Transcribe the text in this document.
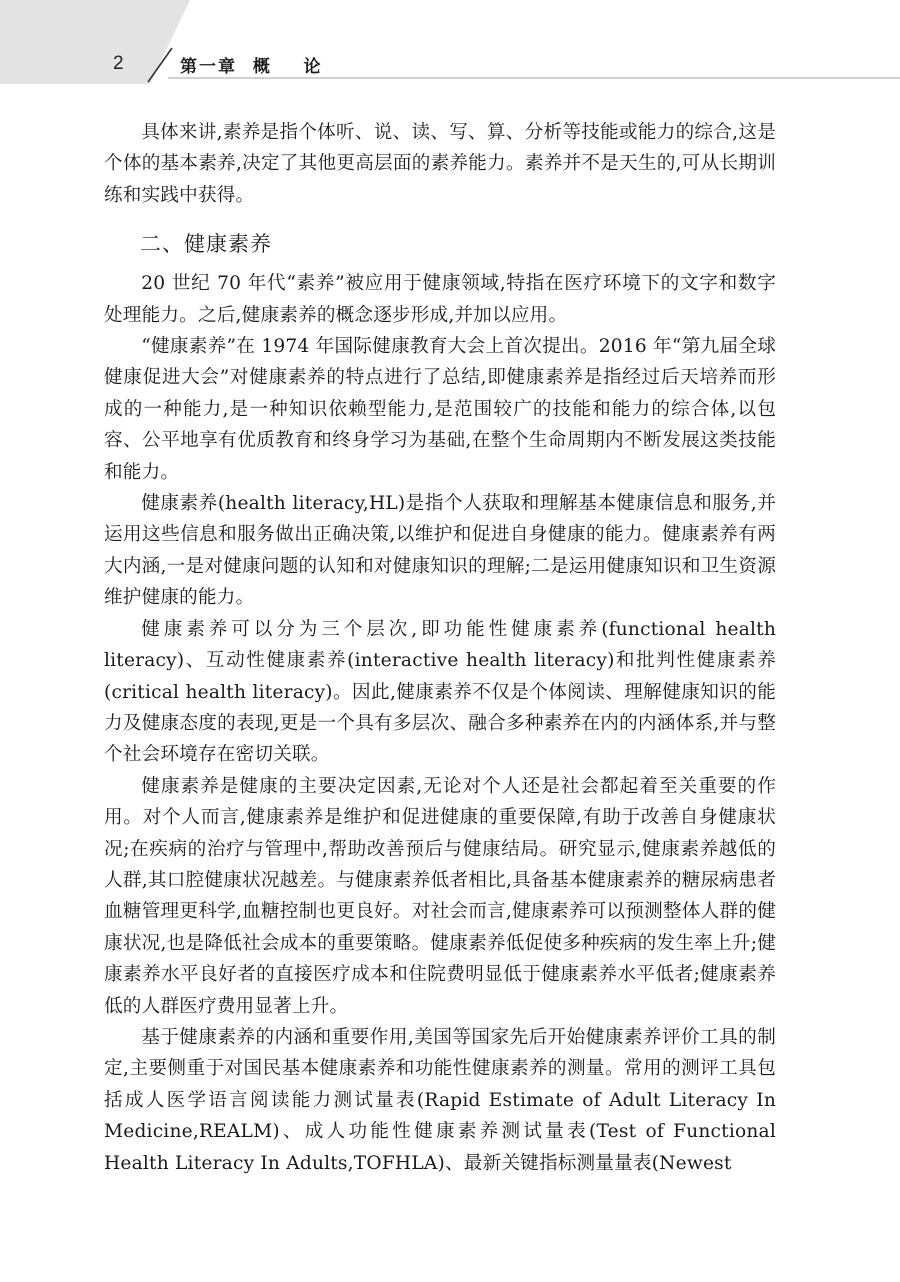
2	第一章  概    论

具体来讲,素养是指个体听、说、读、写、算、分析等技能或能力的综合,这是个体的基本素养,决定了其他更高层面的素养能力。素养并不是天生的,可从长期训练和实践中获得。

二、健康素养

20 世纪 70 年代“素养”被应用于健康领域,特指在医疗环境下的文字和数字处理能力。之后,健康素养的概念逐步形成,并加以应用。

“健康素养”在 1974 年国际健康教育大会上首次提出。2016 年“第九届全球健康促进大会”对健康素养的特点进行了总结,即健康素养是指经过后天培养而形成的一种能力,是一种知识依赖型能力,是范围较广的技能和能力的综合体,以包容、公平地享有优质教育和终身学习为基础,在整个生命周期内不断发展这类技能和能力。

健康素养(health literacy,HL)是指个人获取和理解基本健康信息和服务,并运用这些信息和服务做出正确决策,以维护和促进自身健康的能力。健康素养有两大内涵,一是对健康问题的认知和对健康知识的理解;二是运用健康知识和卫生资源维护健康的能力。

健康素养可以分为三个层次,即功能性健康素养(functional health literacy)、互动性健康素养(interactive health literacy)和批判性健康素养(critical health literacy)。因此,健康素养不仅是个体阅读、理解健康知识的能力及健康态度的表现,更是一个具有多层次、融合多种素养在内的内涵体系,并与整个社会环境存在密切关联。

健康素养是健康的主要决定因素,无论对个人还是社会都起着至关重要的作用。对个人而言,健康素养是维护和促进健康的重要保障,有助于改善自身健康状况;在疾病的治疗与管理中,帮助改善预后与健康结局。研究显示,健康素养越低的人群,其口腔健康状况越差。与健康素养低者相比,具备基本健康素养的糖尿病患者血糖管理更科学,血糖控制也更良好。对社会而言,健康素养可以预测整体人群的健康状况,也是降低社会成本的重要策略。健康素养低促使多种疾病的发生率上升;健康素养水平良好者的直接医疗成本和住院费明显低于健康素养水平低者;健康素养低的人群医疗费用显著上升。

基于健康素养的内涵和重要作用,美国等国家先后开始健康素养评价工具的制定,主要侧重于对国民基本健康素养和功能性健康素养的测量。常用的测评工具包括成人医学语言阅读能力测试量表(Rapid Estimate of Adult Literacy In Medicine,REALM)、成人功能性健康素养测试量表(Test of Functional Health Literacy In Adults,TOFHLA)、最新关键指标测量量表(Newest
